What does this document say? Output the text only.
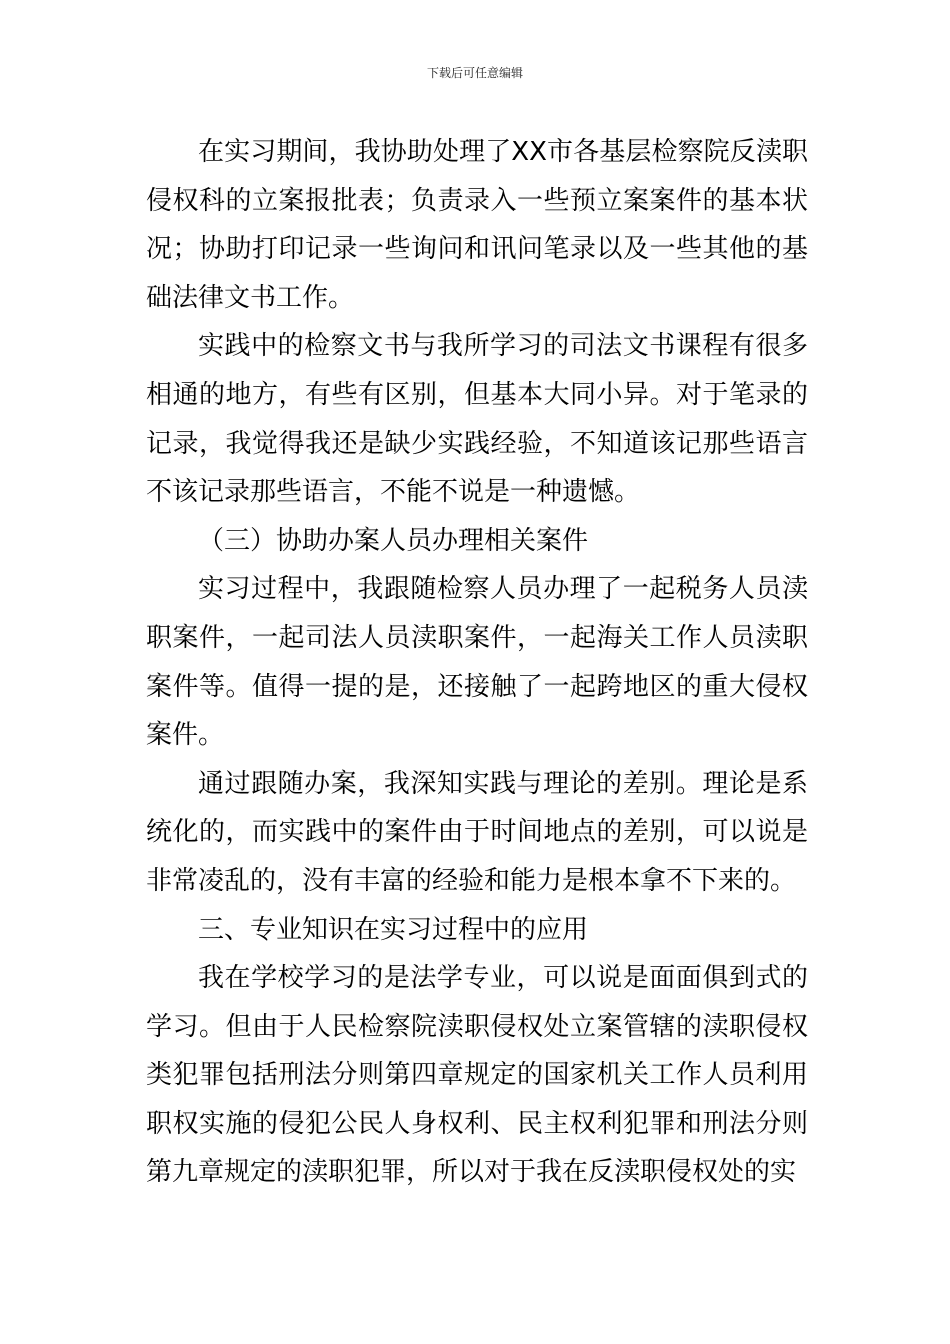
下载后可任意编辑

在实习期间，我协助处理了XX市各基层检察院反渎职侵权科的立案报批表；负责录入一些预立案案件的基本状况；协助打印记录一些询问和讯问笔录以及一些其他的基础法律文书工作。

实践中的检察文书与我所学习的司法文书课程有很多相通的地方，有些有区别，但基本大同小异。对于笔录的记录，我觉得我还是缺少实践经验，不知道该记那些语言不该记录那些语言，不能不说是一种遗憾。

（三）协助办案人员办理相关案件

实习过程中，我跟随检察人员办理了一起税务人员渎职案件，一起司法人员渎职案件，一起海关工作人员渎职案件等。值得一提的是，还接触了一起跨地区的重大侵权案件。

通过跟随办案，我深知实践与理论的差别。理论是系统化的，而实践中的案件由于时间地点的差别，可以说是非常凌乱的，没有丰富的经验和能力是根本拿不下来的。

三、专业知识在实习过程中的应用

我在学校学习的是法学专业，可以说是面面俱到式的学习。但由于人民检察院渎职侵权处立案管辖的渎职侵权类犯罪包括刑法分则第四章规定的国家机关工作人员利用职权实施的侵犯公民人身权利、民主权利犯罪和刑法分则第九章规定的渎职犯罪，所以对于我在反渎职侵权处的实
